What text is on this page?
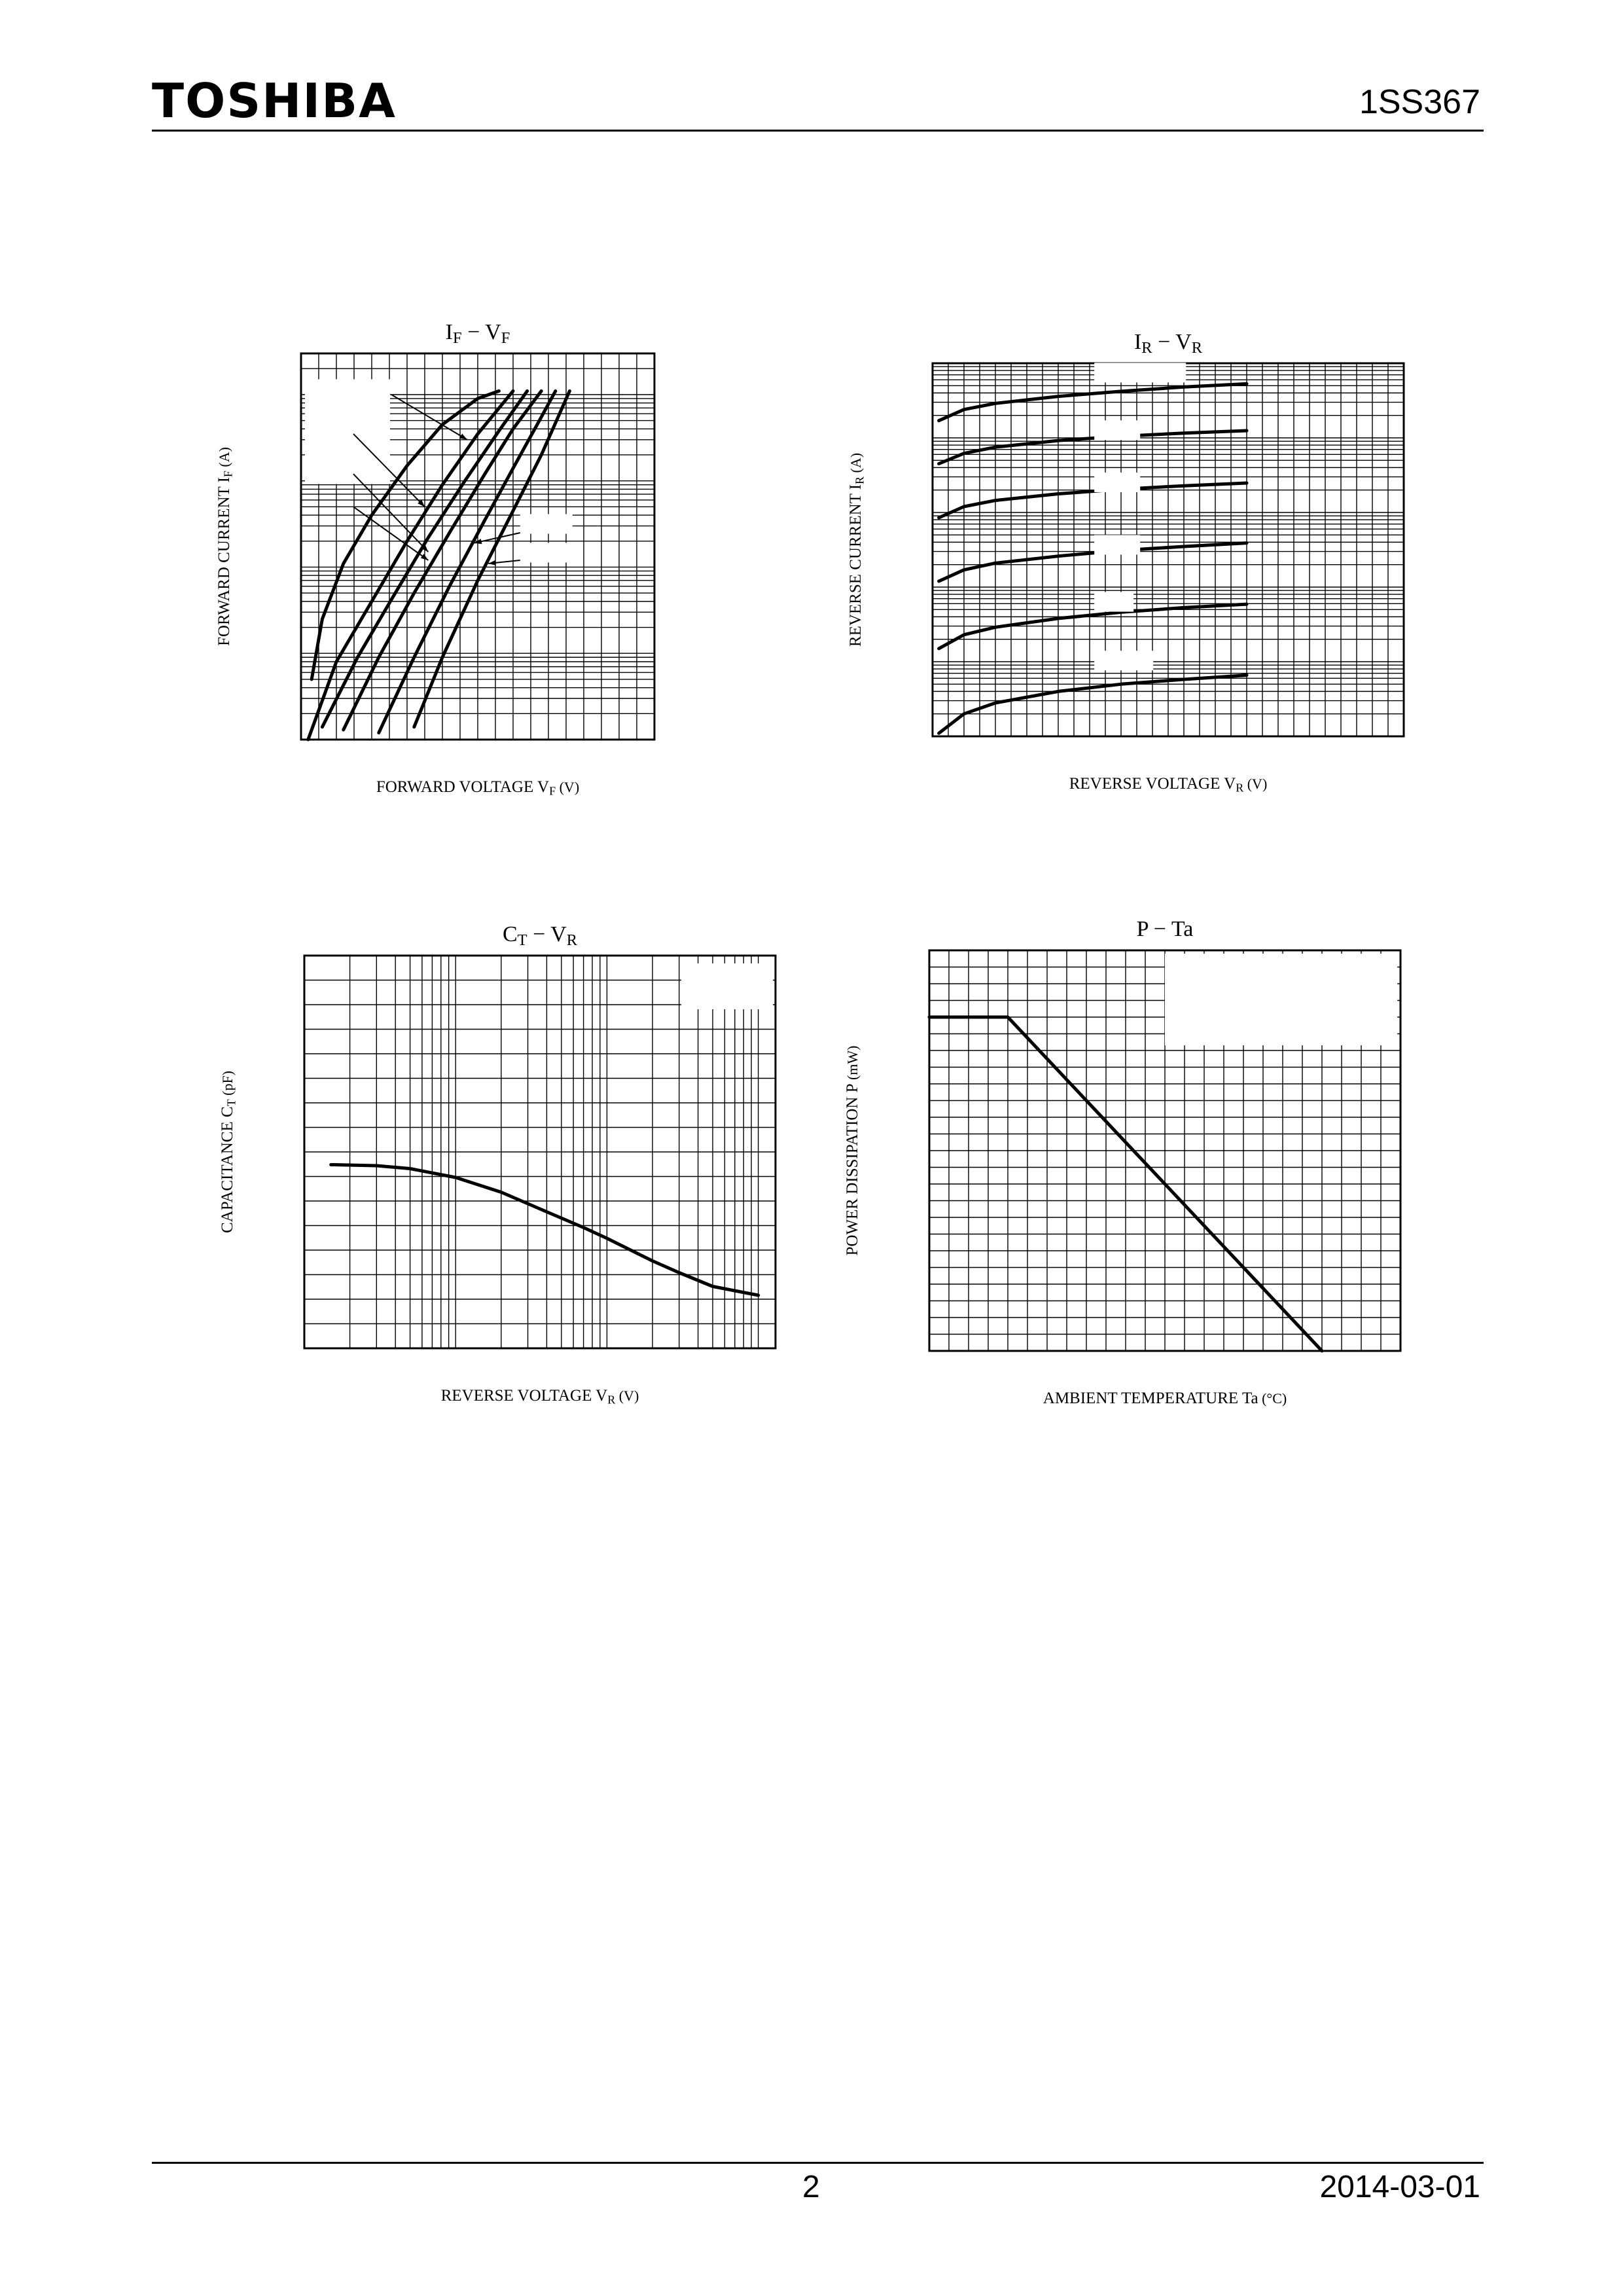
TOSHIBA	1SS367
IF − VF
FORWARD VOLTAGE VF (V)
FORWARD CURRENT IF (A)
IR − VR
REVERSE VOLTAGE VR (V)
REVERSE CURRENT IR (A)
CT − VR
REVERSE VOLTAGE VR (V)
CAPACITANCE CT (pF)
P − Ta
AMBIENT TEMPERATURE Ta (°C)
POWER DISSIPATION P (mW)
2	2014-03-01
